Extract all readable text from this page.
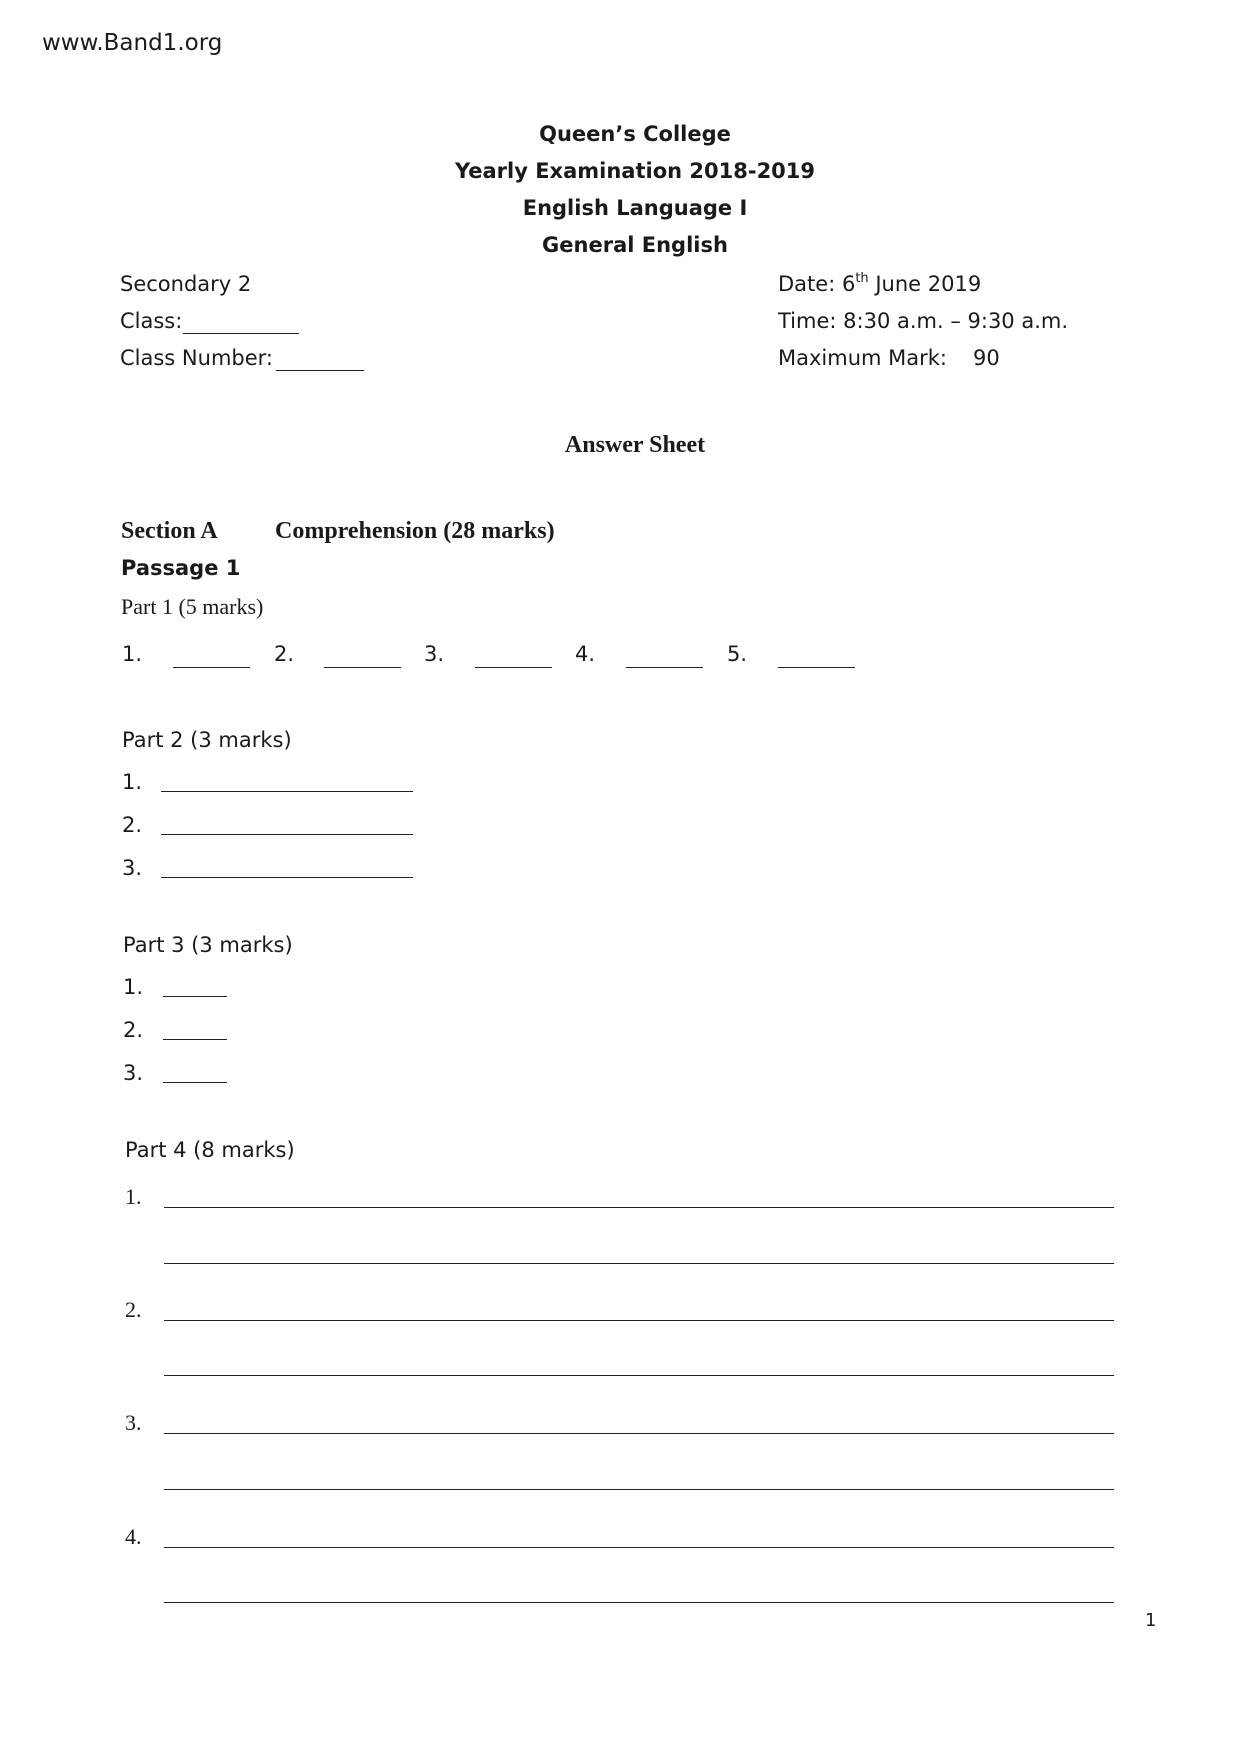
www.Band1.org
Queen’s College
Yearly Examination 2018-2019
English Language I
General English
Secondary 2
Class:
Class Number:
Date: 6th June 2019
Time: 8:30 a.m. – 9:30 a.m.
Maximum Mark: 90
Answer Sheet
Section A Comprehension (28 marks)
Passage 1
Part 1 (5 marks)
1.	2.	3.	4.	5.
Part 2 (3 marks)
1.
2.
3.
Part 3 (3 marks)
1.
2.
3.
Part 4 (8 marks)
1.
2.
3.
4.
1
